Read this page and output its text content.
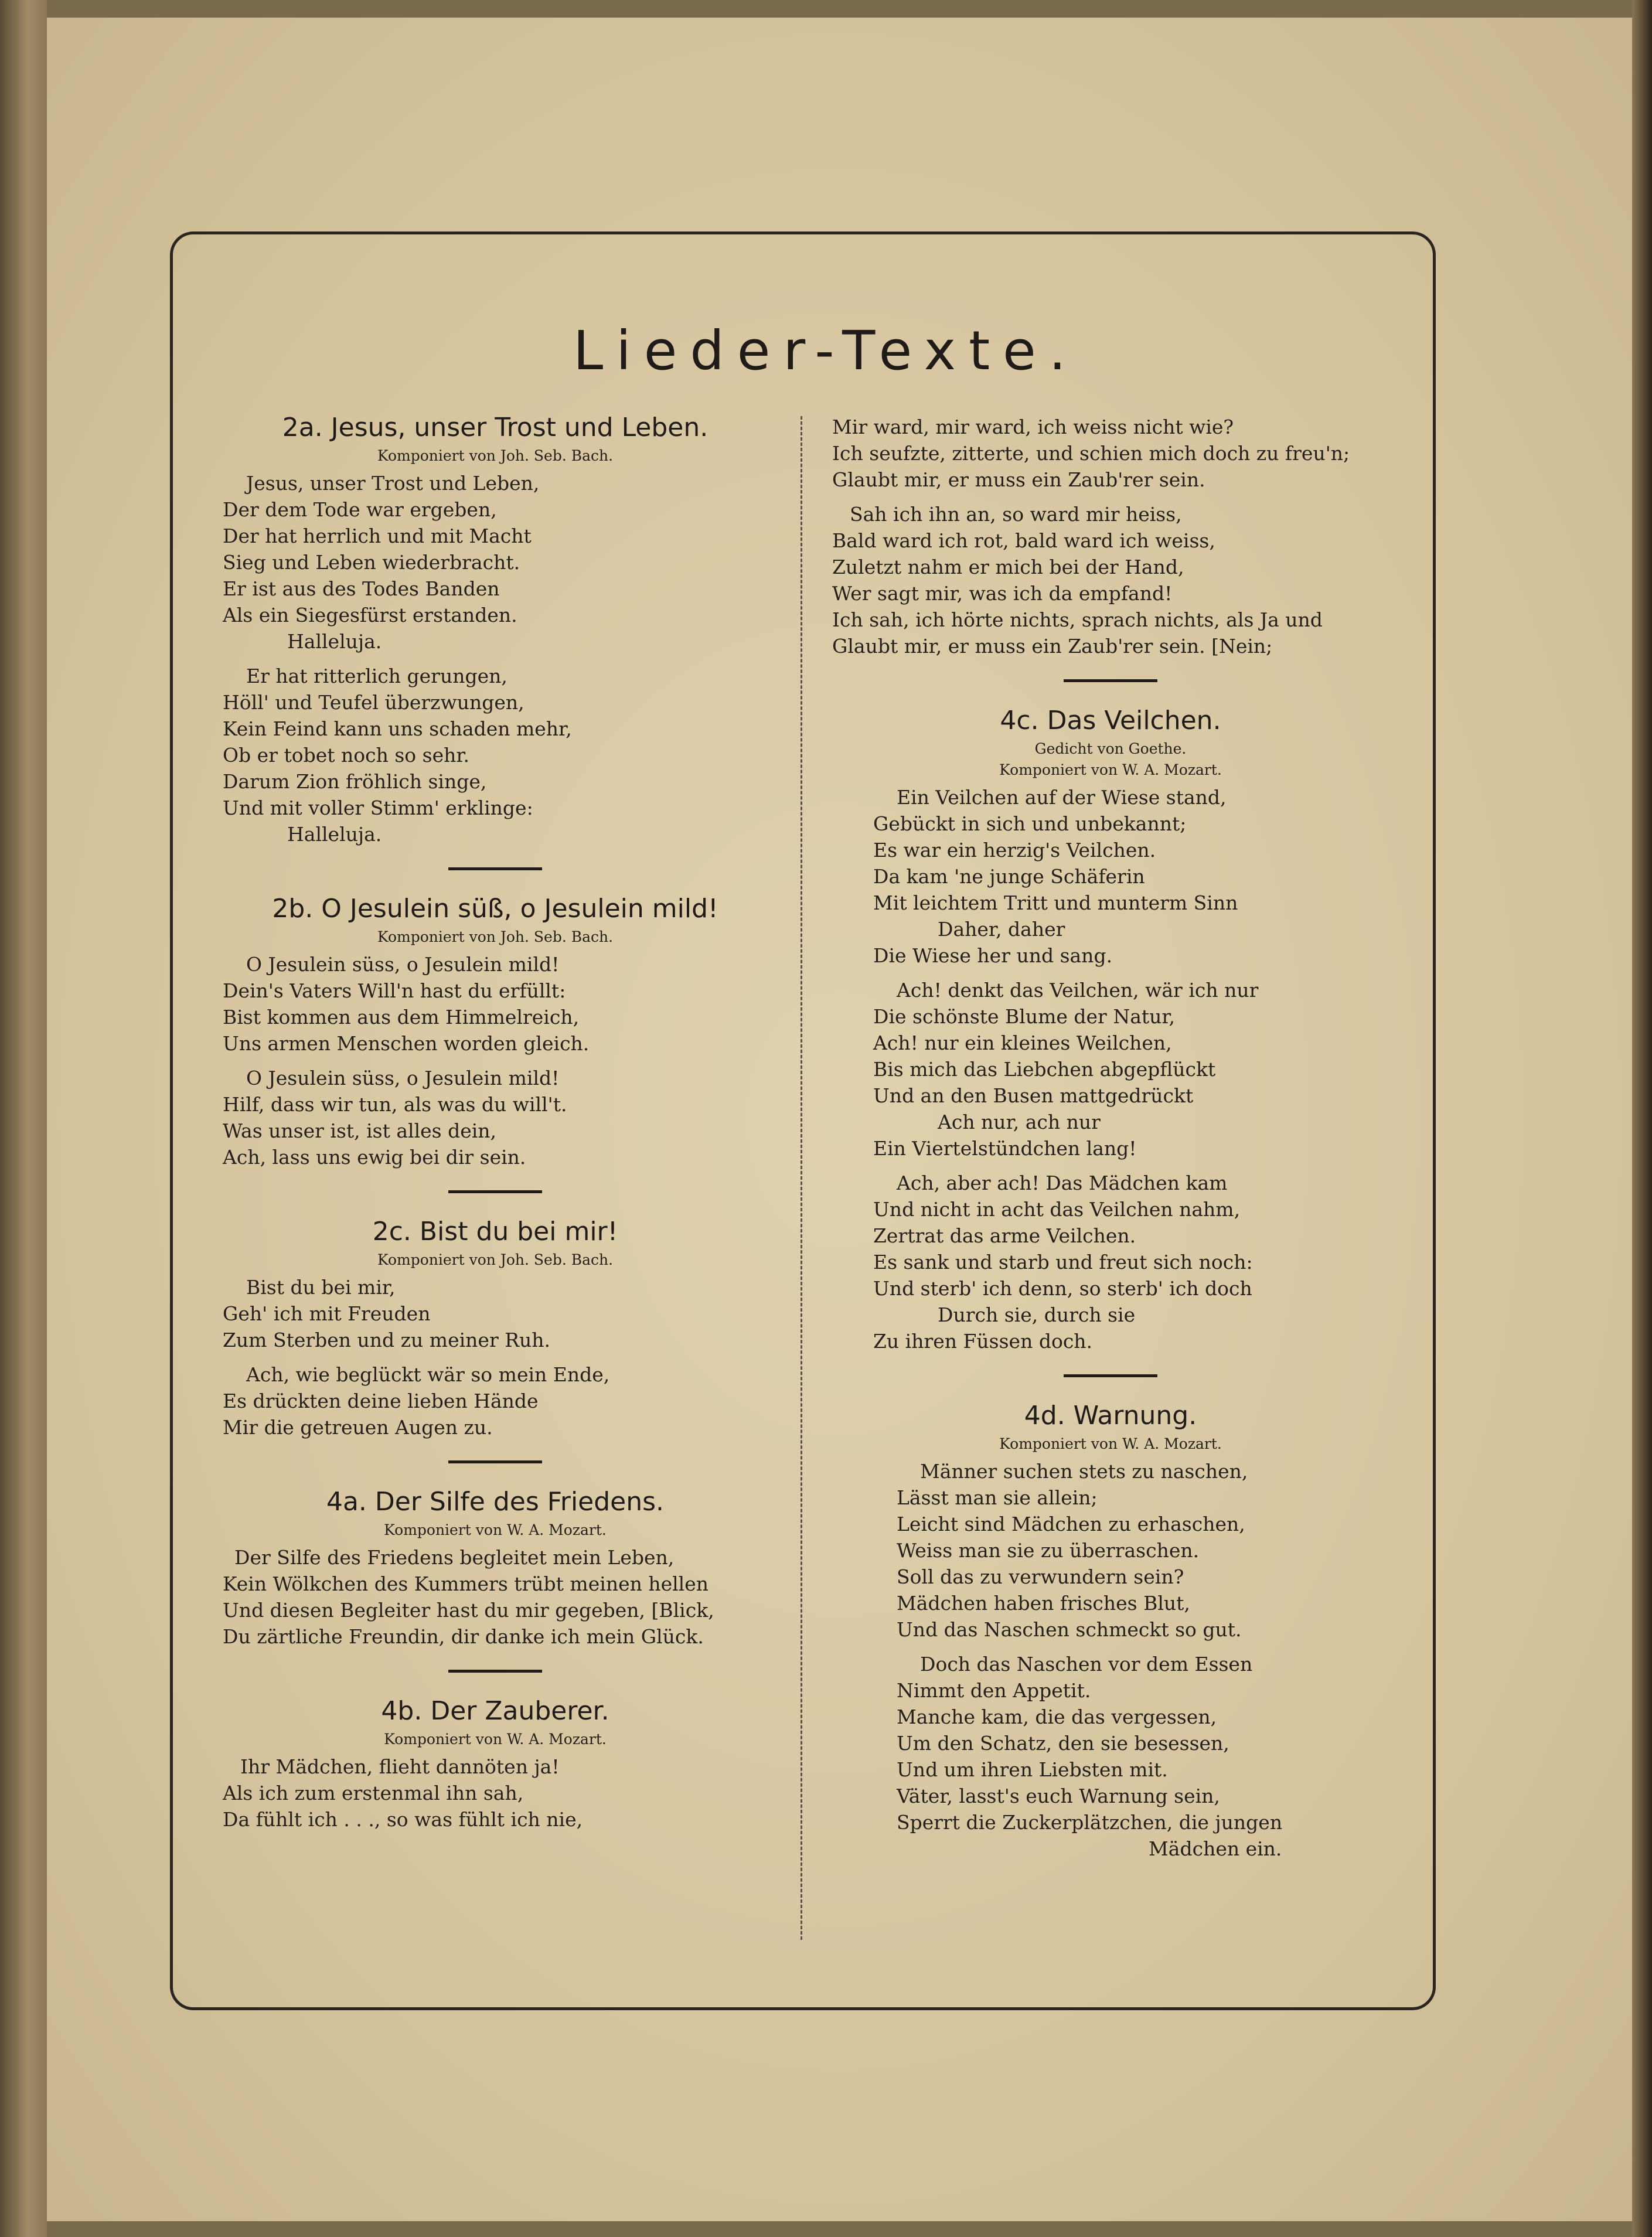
Lieder-Texte.
2a. Jesus, unser Trost und Leben.

Komponiert von Joh. Seb. Bach.

Jesus, unser Trost und Leben,
Der dem Tode war ergeben,
Der hat herrlich und mit Macht
Sieg und Leben wiederbracht.
Er ist aus des Todes Banden
Als ein Siegesfürst erstanden.
Halleluja.
Er hat ritterlich gerungen,
Höll' und Teufel überzwungen,
Kein Feind kann uns schaden mehr,
Ob er tobet noch so sehr.
Darum Zion fröhlich singe,
Und mit voller Stimm' erklinge:
Halleluja.
2b. O Jesulein süß, o Jesulein mild!

Komponiert von Joh. Seb. Bach.

O Jesulein süss, o Jesulein mild!
Dein's Vaters Will'n hast du erfüllt:
Bist kommen aus dem Himmelreich,
Uns armen Menschen worden gleich.
O Jesulein süss, o Jesulein mild!
Hilf, dass wir tun, als was du will't.
Was unser ist, ist alles dein,
Ach, lass uns ewig bei dir sein.
2c. Bist du bei mir!

Komponiert von Joh. Seb. Bach.

Bist du bei mir,
Geh' ich mit Freuden
Zum Sterben und zu meiner Ruh.
Ach, wie beglückt wär so mein Ende,
Es drückten deine lieben Hände
Mir die getreuen Augen zu.
4a. Der Silfe des Friedens.

Komponiert von W. A. Mozart.

Der Silfe des Friedens begleitet mein Leben,
Kein Wölkchen des Kummers trübt meinen hellen
Und diesen Begleiter hast du mir gegeben, [Blick,
Du zärtliche Freundin, dir danke ich mein Glück.
4b. Der Zauberer.

Komponiert von W. A. Mozart.

Ihr Mädchen, flieht dannöten ja!
Als ich zum erstenmal ihn sah,
Da fühlt ich . . ., so was fühlt ich nie,
Mir ward, mir ward, ich weiss nicht wie?
Ich seufzte, zitterte, und schien mich doch zu freu'n;
Glaubt mir, er muss ein Zaub'rer sein.
Sah ich ihn an, so ward mir heiss,
Bald ward ich rot, bald ward ich weiss,
Zuletzt nahm er mich bei der Hand,
Wer sagt mir, was ich da empfand!
Ich sah, ich hörte nichts, sprach nichts, als Ja und
Glaubt mir, er muss ein Zaub'rer sein. [Nein;
4c. Das Veilchen.

Gedicht von Goethe.

Komponiert von W. A. Mozart.

Ein Veilchen auf der Wiese stand,
Gebückt in sich und unbekannt;
Es war ein herzig's Veilchen.
Da kam 'ne junge Schäferin
Mit leichtem Tritt und munterm Sinn
Daher, daher
Die Wiese her und sang.
Ach! denkt das Veilchen, wär ich nur
Die schönste Blume der Natur,
Ach! nur ein kleines Weilchen,
Bis mich das Liebchen abgepflückt
Und an den Busen mattgedrückt
Ach nur, ach nur
Ein Viertelstündchen lang!
Ach, aber ach! Das Mädchen kam
Und nicht in acht das Veilchen nahm,
Zertrat das arme Veilchen.
Es sank und starb und freut sich noch:
Und sterb' ich denn, so sterb' ich doch
Durch sie, durch sie
Zu ihren Füssen doch.
4d. Warnung.

Komponiert von W. A. Mozart.

Männer suchen stets zu naschen,
Lässt man sie allein;
Leicht sind Mädchen zu erhaschen,
Weiss man sie zu überraschen.
Soll das zu verwundern sein?
Mädchen haben frisches Blut,
Und das Naschen schmeckt so gut.
Doch das Naschen vor dem Essen
Nimmt den Appetit.
Manche kam, die das vergessen,
Um den Schatz, den sie besessen,
Und um ihren Liebsten mit.
Väter, lasst's euch Warnung sein,
Sperrt die Zuckerplätzchen, die jungen
Mädchen ein.
